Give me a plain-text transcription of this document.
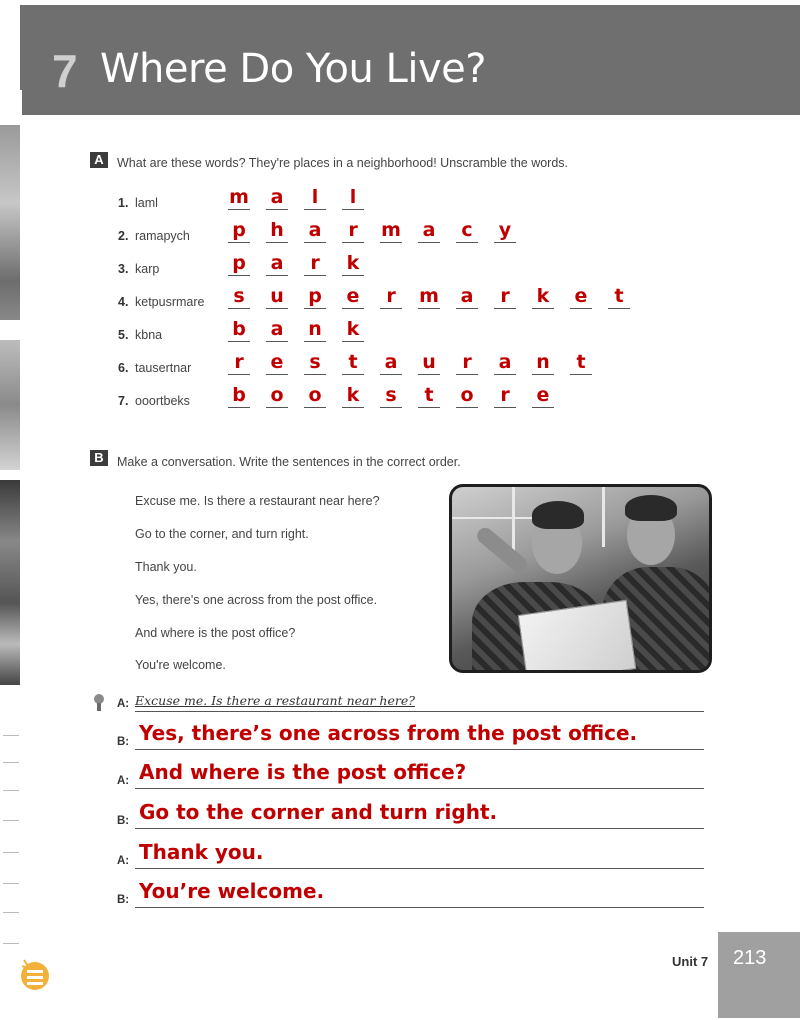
7 Where Do You Live?
A	What are these words? They're places in a neighborhood! Unscramble the words.
1. laml	m	a	l	l
2. ramapych	p	h	a	r	m	a	c	y
3. karp	p	a	r	k
4. ketpusrmare	s	u	p	e	r	m	a	r	k	e	t
5. kbna	b	a	n	k
6. tausertnar	r	e	s	t	a	u	r	a	n	t
7. ooortbeks	b	o	o	k	s	t	o	r	e
B	Make a conversation. Write the sentences in the correct order.
Excuse me. Is there a restaurant near here?
Go to the corner, and turn right.
Thank you.
Yes, there's one across from the post office.
And where is the post office?
You're welcome.
A: Excuse me. Is there a restaurant near here?
B: Yes, there’s one across from the post office.
A: And where is the post office?
B: Go to the corner and turn right.
A: Thank you.
B: You’re welcome.
Unit 7 213
